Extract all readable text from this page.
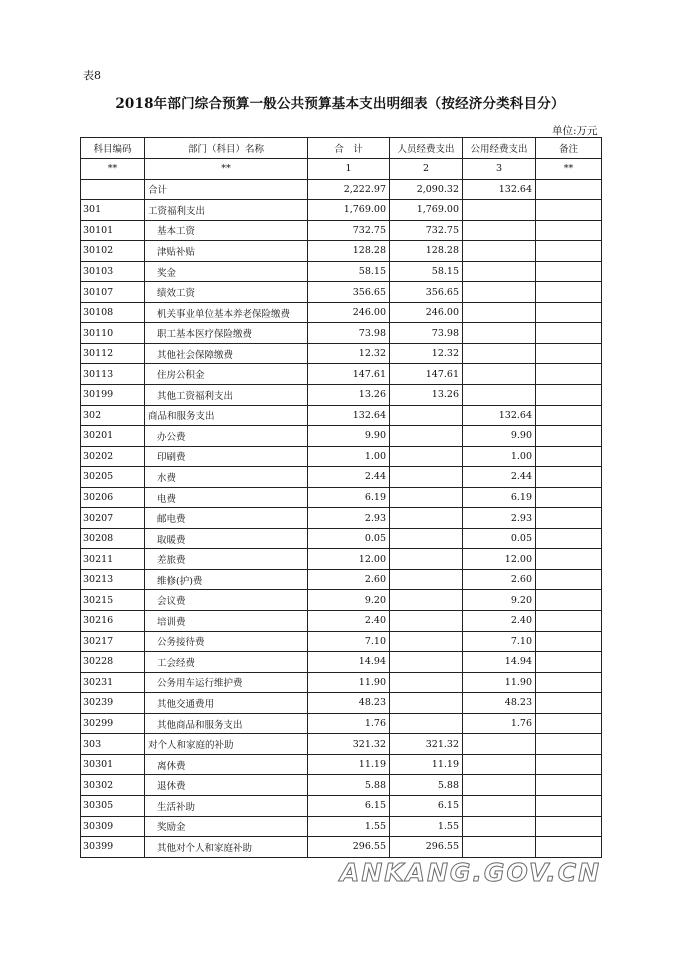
表8
2018年部门综合预算一般公共预算基本支出明细表（按经济分类科目分）
单位:万元
科目编码	部门（科目）名称	合　计	人员经费支出	公用经费支出	备注
**	**	1	2	3	**
	合计	2,222.97	2,090.32	132.64	
301	工资福利支出	1,769.00	1,769.00		
30101	基本工资	732.75	732.75		
30102	津贴补贴	128.28	128.28		
30103	奖金	58.15	58.15		
30107	绩效工资	356.65	356.65		
30108	机关事业单位基本养老保险缴费	246.00	246.00		
30110	职工基本医疗保险缴费	73.98	73.98		
30112	其他社会保障缴费	12.32	12.32		
30113	住房公积金	147.61	147.61		
30199	其他工资福利支出	13.26	13.26		
302	商品和服务支出	132.64		132.64	
30201	办公费	9.90		9.90	
30202	印刷费	1.00		1.00	
30205	水费	2.44		2.44	
30206	电费	6.19		6.19	
30207	邮电费	2.93		2.93	
30208	取暖费	0.05		0.05	
30211	差旅费	12.00		12.00	
30213	维修(护)费	2.60		2.60	
30215	会议费	9.20		9.20	
30216	培训费	2.40		2.40	
30217	公务接待费	7.10		7.10	
30228	工会经费	14.94		14.94	
30231	公务用车运行维护费	11.90		11.90	
30239	其他交通费用	48.23		48.23	
30299	其他商品和服务支出	1.76		1.76	
303	对个人和家庭的补助	321.32	321.32		
30301	离休费	11.19	11.19		
30302	退休费	5.88	5.88		
30305	生活补助	6.15	6.15		
30309	奖励金	1.55	1.55		
30399	其他对个人和家庭补助	296.55	296.55		
ANKANG.GOV.CN
